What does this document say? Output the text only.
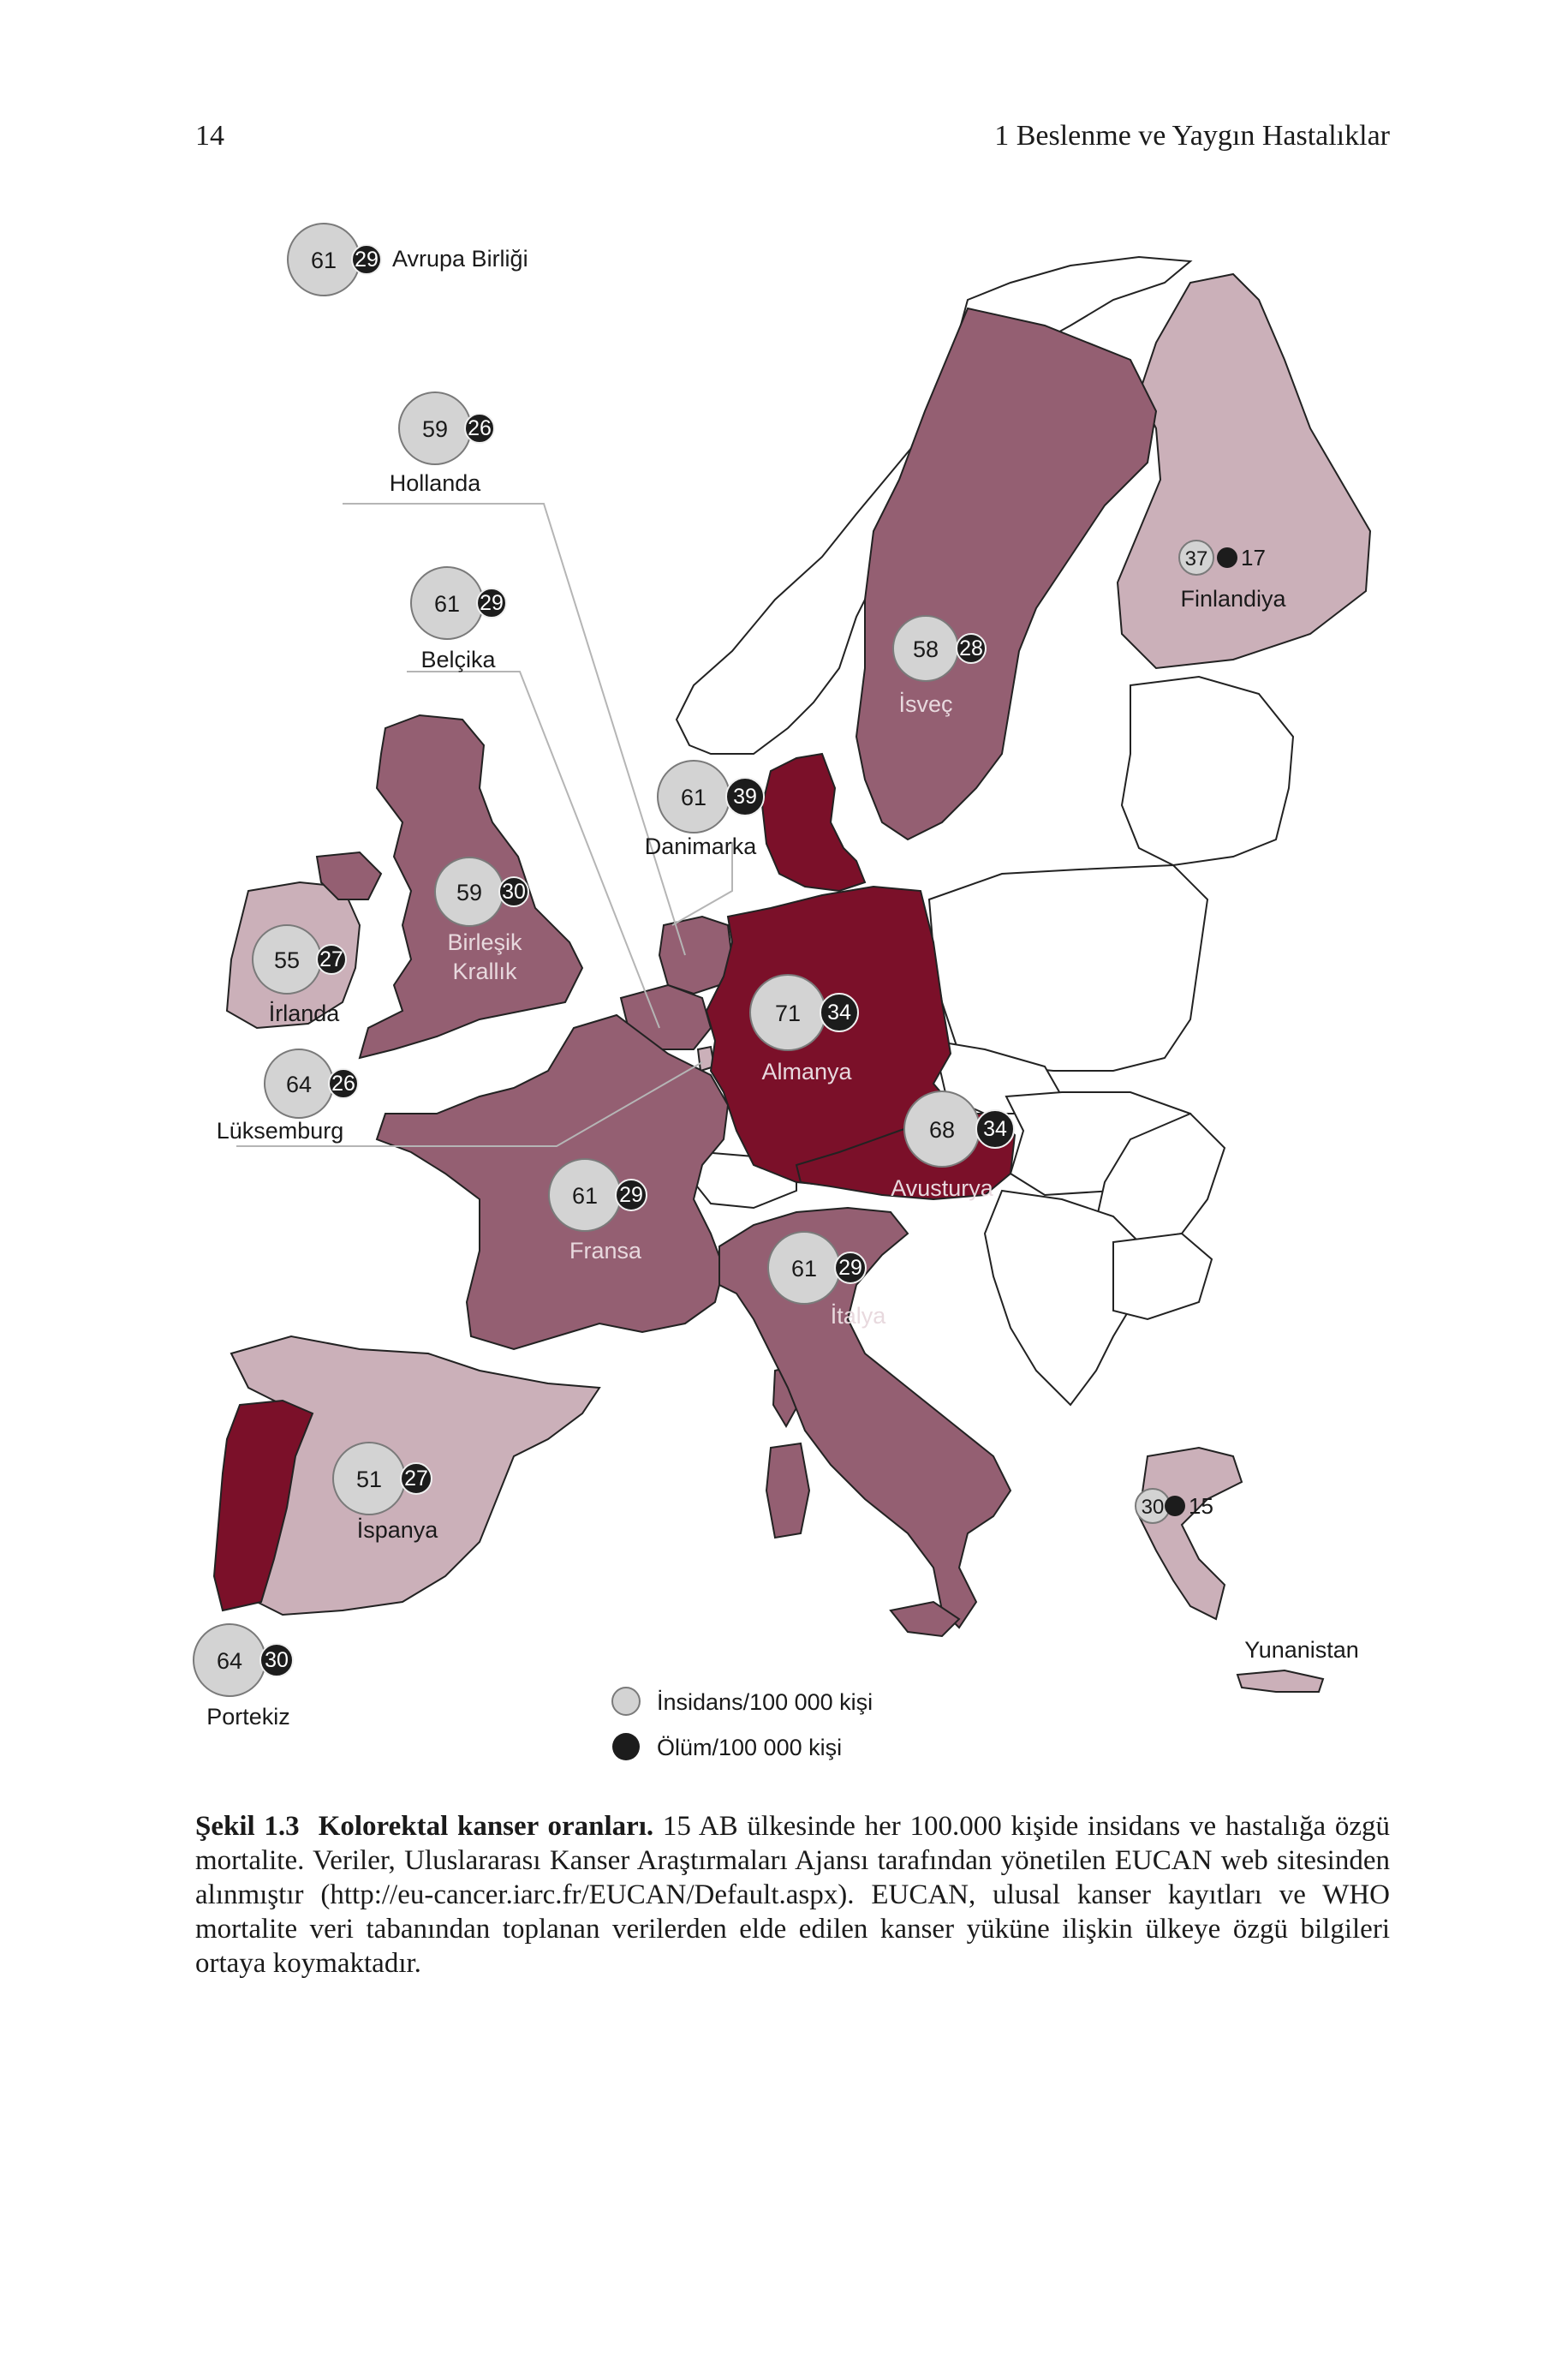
14	1 Beslenme ve Yaygın Hastalıklar
61 29 Avrupa Birliği
59 26
Hollanda
61 29
Belçika
37 17
Finlandiya
58 28
İsveç
61 39
Danimarka
59 30
Birleşik
Krallık
55 27
İrlanda	71 34
Almanya
64 26
Lüksemburg	68 34
Avusturya
61 29
Fransa
61 29
İtalya
51 27
İspanya
64 30
Portekiz
30 15
Yunanistan
İnsidans/100 000 kişi
Ölüm/100 000 kişi
Şekil 1.3 Kolorektal kanser oranları. 15 AB ülkesinde her 100.000 kişide insidans ve hastalığa özgü mortalite. Veriler, Uluslararası Kanser Araştırmaları Ajansı tarafından yönetilen EUCAN web sitesinden alınmıştır (http://eu-cancer.iarc.fr/EUCAN/Default.aspx). EUCAN, ulusal kanser kayıtları ve WHO mortalite veri tabanından toplanan verilerden elde edilen kanser yüküne ilişkin ülkeye özgü bilgileri ortaya koymaktadır.
